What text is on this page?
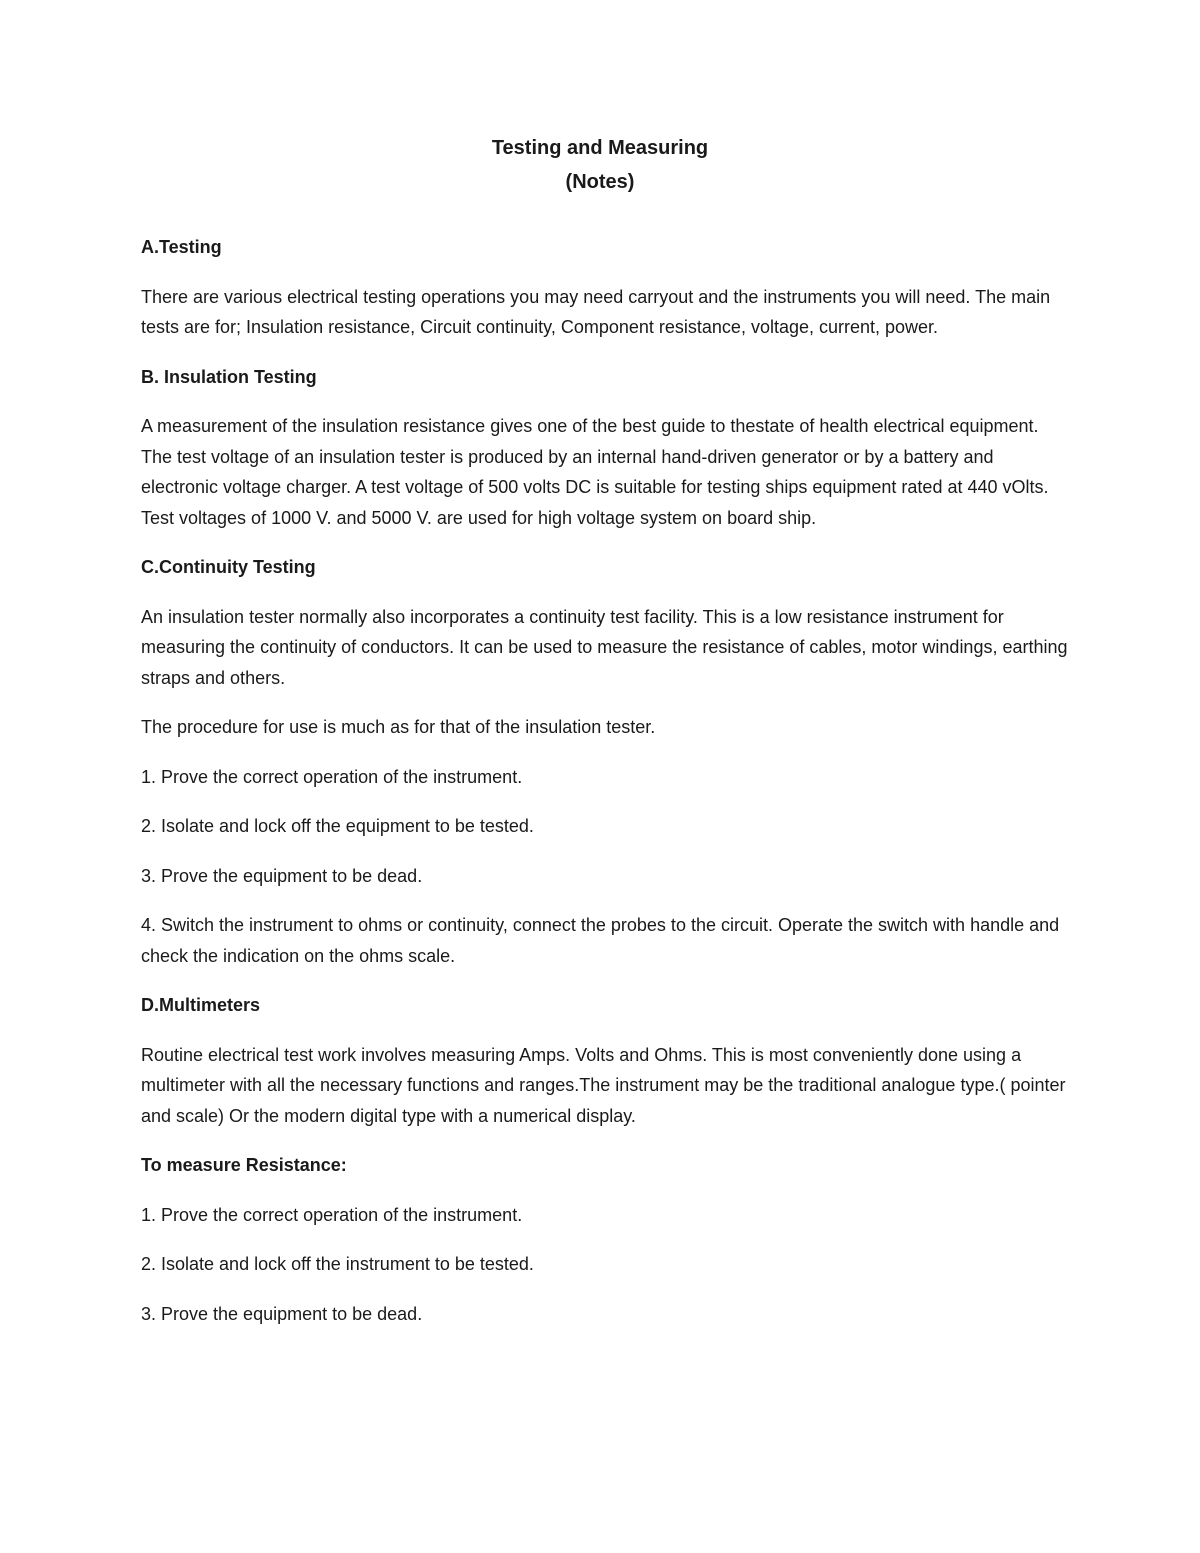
Testing and Measuring
(Notes)
A.Testing

There are various electrical testing operations you may need carryout and the instruments you will need. The main tests are for; Insulation resistance, Circuit continuity, Component resistance, voltage, current, power.

B. Insulation Testing

A measurement of the insulation resistance gives one of the best guide to thestate of health electrical equipment. The test voltage of an insulation tester is produced by an internal hand-driven generator or by a battery and electronic voltage charger. A test voltage of 500 volts DC is suitable for testing ships equipment rated at 440 vOlts. Test voltages of 1000 V. and 5000 V. are used for high voltage system on board ship.

C.Continuity Testing

An insulation tester normally also incorporates a continuity test facility. This is a low resistance instrument for measuring the continuity of conductors. It can be used to measure the resistance of cables, motor windings, earthing straps and others.

The procedure for use is much as for that of the insulation tester.

1. Prove the correct operation of the instrument.

2. Isolate and lock off the equipment to be tested.

3. Prove the equipment to be dead.

4. Switch the instrument to ohms or continuity, connect the probes to the circuit. Operate the switch with handle and check the indication on the ohms scale.

D.Multimeters

Routine electrical test work involves measuring Amps. Volts and Ohms. This is most conveniently done using a multimeter with all the necessary functions and ranges.The instrument may be the traditional analogue type.( pointer and scale) Or the modern digital type with a numerical display.

To measure Resistance:

1. Prove the correct operation of the instrument.

2. Isolate and lock off the instrument to be tested.

3. Prove the equipment to be dead.
